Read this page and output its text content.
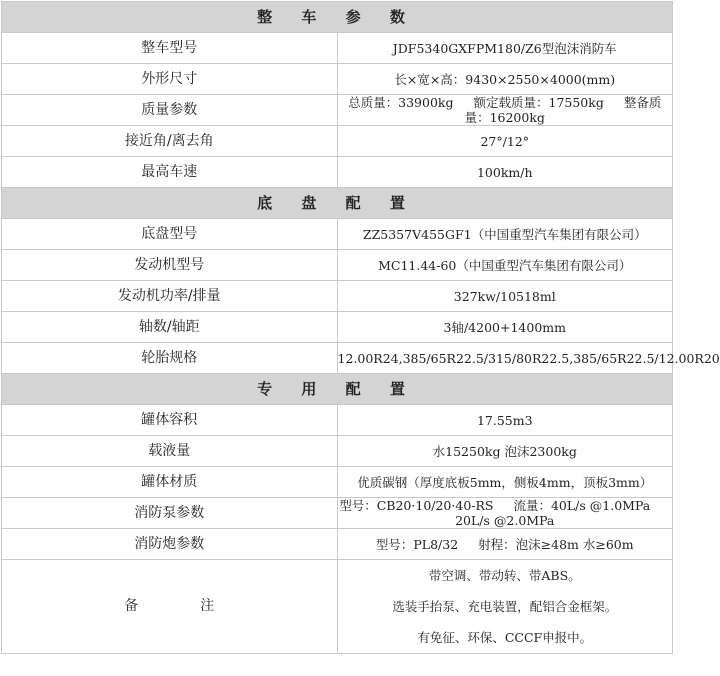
整 车 参 数	
整车型号	JDF5340GXFPM180/Z6型泡沫消防车
外形尺寸	长×宽×高：9430×2550×4000(mm)
质量参数	总质量：33900kg 额定载质量：17550kg 整备质量：16200kg
接近角/离去角	27°/12°
最高车速	100km/h
底 盘 配 置	
底盘型号	ZZ5357V455GF1（中国重型汽车集团有限公司）
发动机型号	MC11.44-60（中国重型汽车集团有限公司）
发动机功率/排量	327kw/10518ml
轴数/轴距	3轴/4200+1400mm
轮胎规格	12.00R24,385/65R22.5/315/80R22.5,385/65R22.5/12.00R20
专 用 配 置	
罐体容积	17.55m3
载液量	水15250kg 泡沫2300kg
罐体材质	优质碳钢（厚度底板5mm，侧板4mm，顶板3mm）
消防泵参数	型号：CB20·10/20·40-RS 流量：40L/s @1.0MPa20L/s @2.0MPa
消防炮参数	型号：PL8/32 射程：泡沫≥48m 水≥60m
备 注	带空调、带动转、带ABS。
选装手抬泵、充电装置，配铝合金框架。
有免征、环保、CCCF申报中。
